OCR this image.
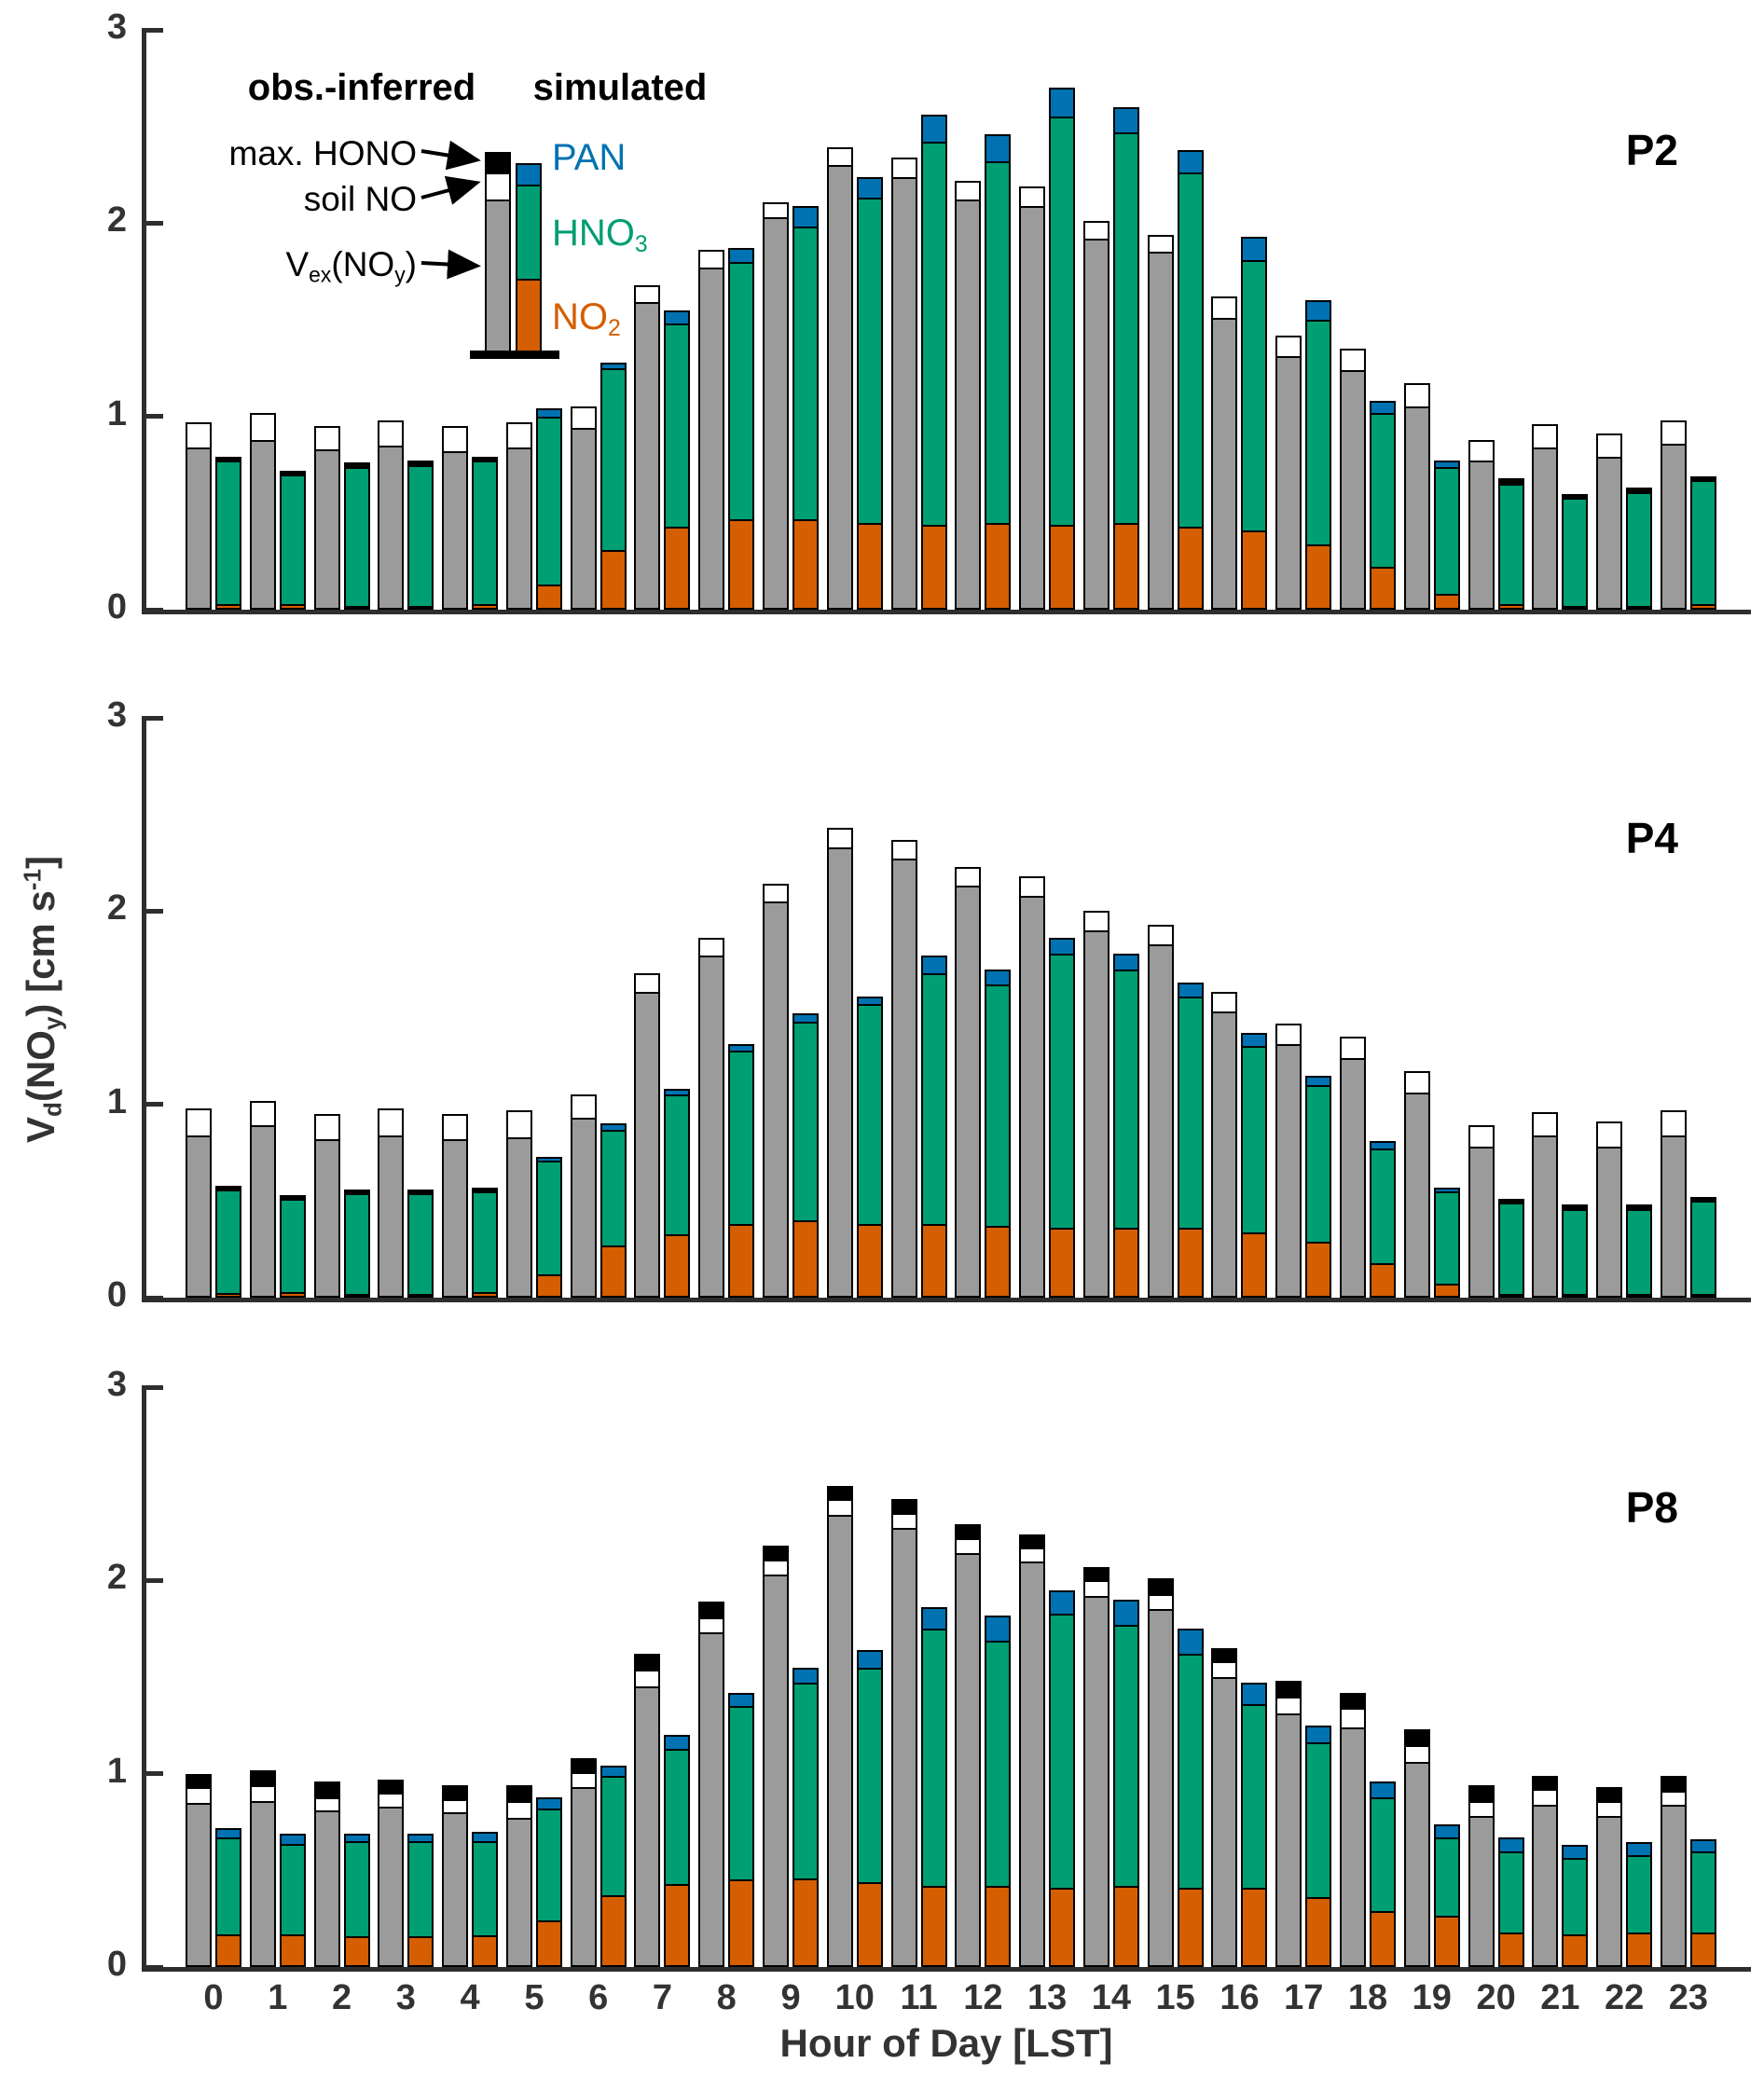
Vd(NOy) [cm $s^{-1}$]
Hour of Day [LST]
obs.-inferred simulated
max. HONO
soil NO
Vex(NOy)
PAN
HNO3
NO2
0
1
2
3
P2
0
1
2
3
P4
0
1
2
3
P8
0	1	2	3	4	5	6	7	8	9 10 11 12 13 14 15 16 17 18 19 20 21 22 23
